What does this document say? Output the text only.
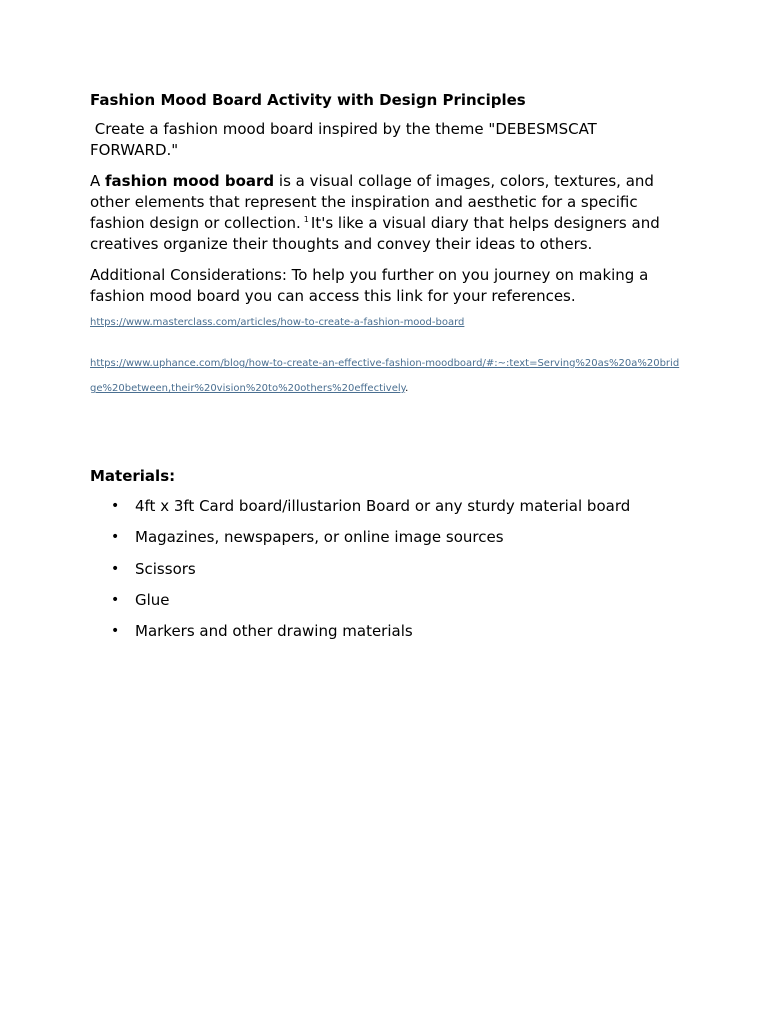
Fashion Mood Board Activity with Design Principles

Create a fashion mood board inspired by the theme "DEBESMSCAT FORWARD."

A fashion mood board is a visual collage of images, colors, textures, and other elements that represent the inspiration and aesthetic for a specific fashion design or collection. $^1$ It's like a visual diary that helps designers and creatives organize their thoughts and convey their ideas to others.

Additional Considerations: To help you further on you journey on making a fashion mood board you can access this link for your references.

https://www.masterclass.com/articles/how-to-create-a-fashion-mood-board
https://www.uphance.com/blog/how-to-create-an-effective-fashion-moodboard/#:~:text=Serving%20as%20a%20bridge%20between,their%20vision%20to%20others%20effectively.
Materials:
• 4ft x 3ft Card board/illustarion Board or any sturdy material board
• Magazines, newspapers, or online image sources
• Scissors
• Glue
• Markers and other drawing materials
